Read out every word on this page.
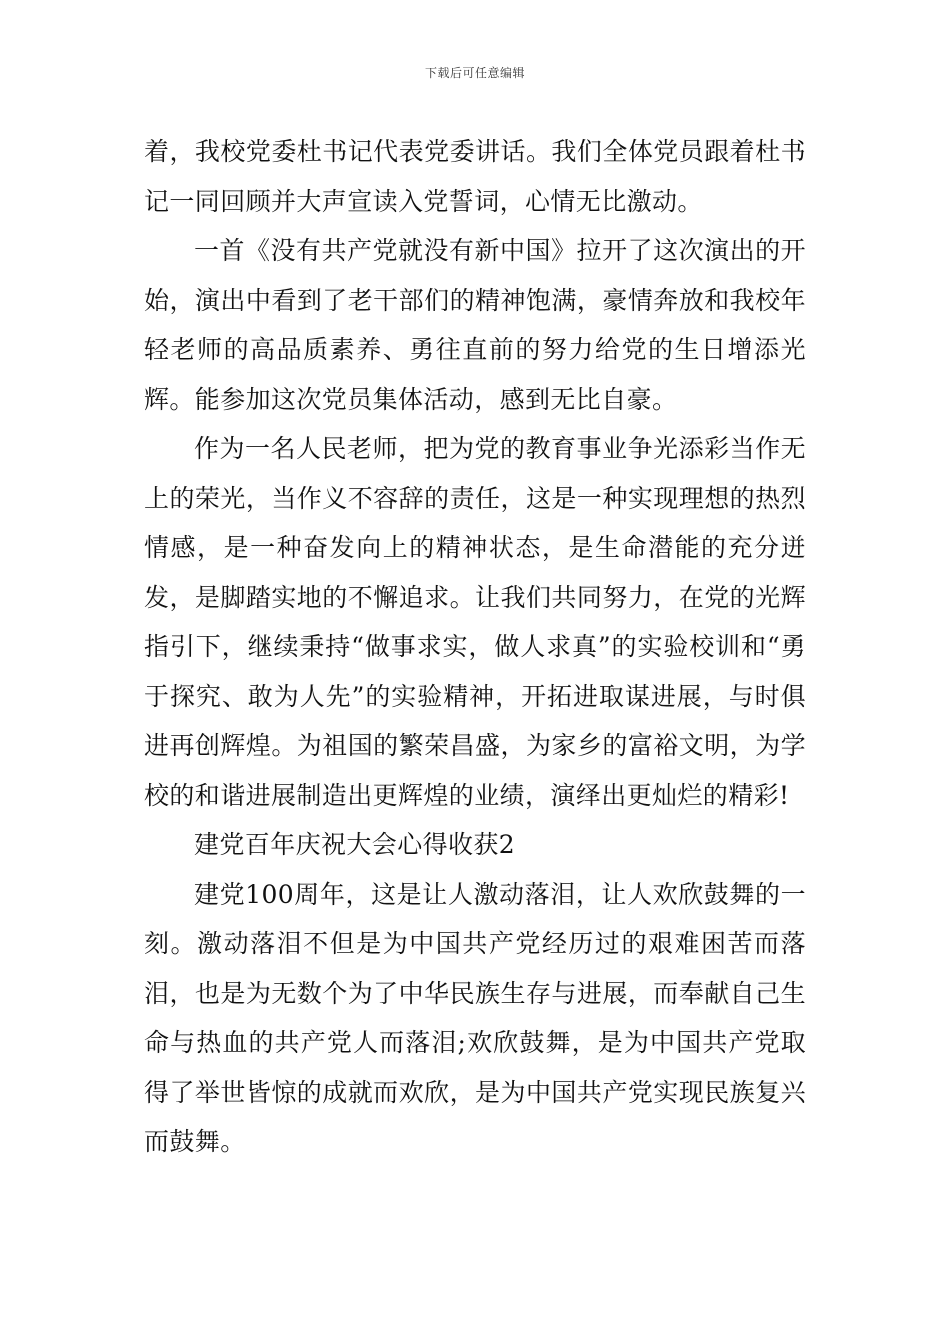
下载后可任意编辑

着，我校党委杜书记代表党委讲话。我们全体党员跟着杜书记一同回顾并大声宣读入党誓词，心情无比激动。

一首《没有共产党就没有新中国》拉开了这次演出的开始，演出中看到了老干部们的精神饱满，豪情奔放和我校年轻老师的高品质素养、勇往直前的努力给党的生日增添光辉。能参加这次党员集体活动，感到无比自豪。

作为一名人民老师，把为党的教育事业争光添彩当作无上的荣光，当作义不容辞的责任，这是一种实现理想的热烈情感，是一种奋发向上的精神状态，是生命潜能的充分迸发，是脚踏实地的不懈追求。让我们共同努力，在党的光辉指引下，继续秉持“做事求实，做人求真”的实验校训和“勇于探究、敢为人先”的实验精神，开拓进取谋进展，与时俱进再创辉煌。为祖国的繁荣昌盛，为家乡的富裕文明，为学校的和谐进展制造出更辉煌的业绩，演绎出更灿烂的精彩!

建党百年庆祝大会心得收获2

建党100周年，这是让人激动落泪，让人欢欣鼓舞的一刻。激动落泪不但是为中国共产党经历过的艰难困苦而落泪，也是为无数个为了中华民族生存与进展，而奉献自己生命与热血的共产党人而落泪;欢欣鼓舞，是为中国共产党取得了举世皆惊的成就而欢欣，是为中国共产党实现民族复兴而鼓舞。
